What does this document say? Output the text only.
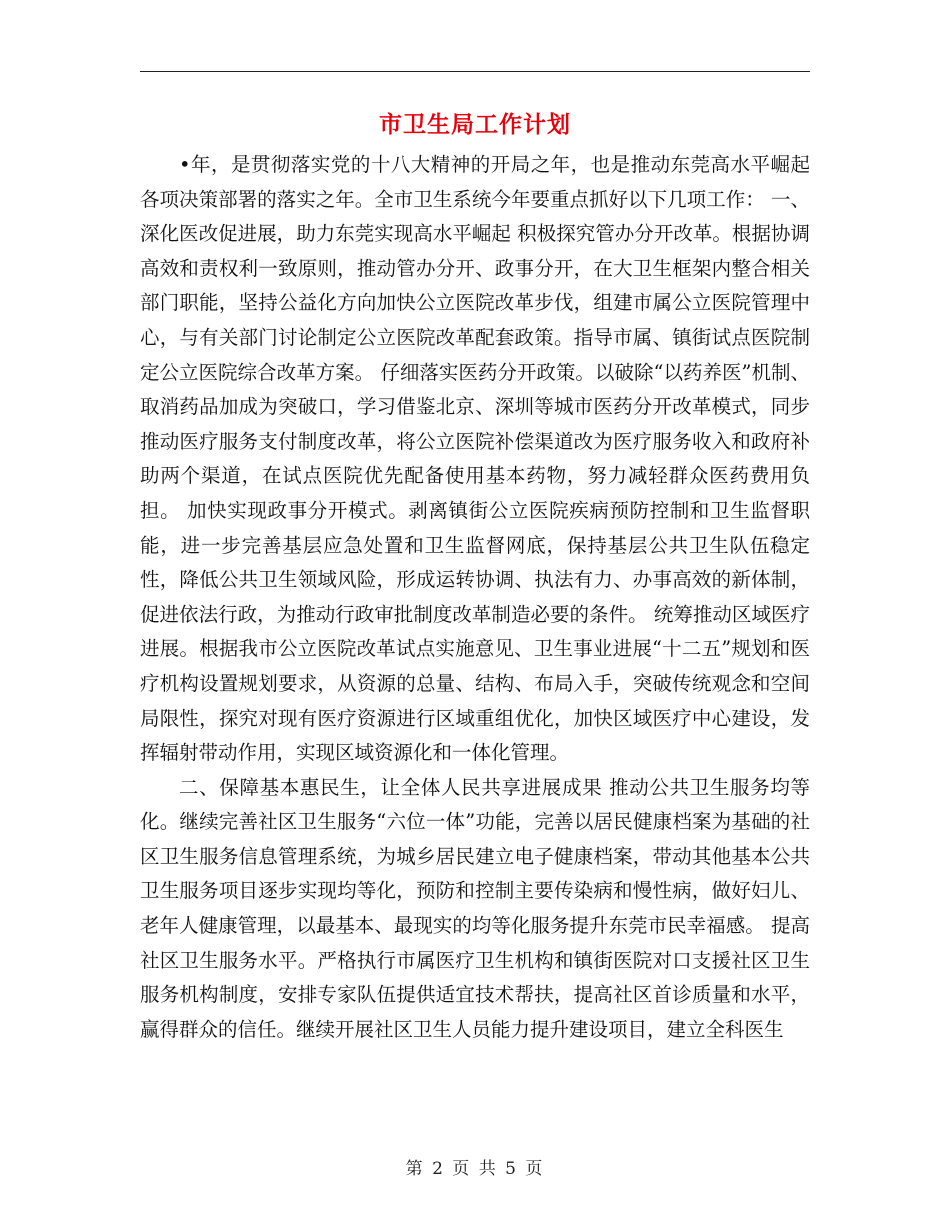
市卫生局工作计划

•年，是贯彻落实党的十八大精神的开局之年，也是推动东莞高水平崛起各项决策部署的落实之年。全市卫生系统今年要重点抓好以下几项工作： 一、深化医改促进展，助力东莞实现高水平崛起 积极探究管办分开改革。根据协调高效和责权利一致原则，推动管办分开、政事分开，在大卫生框架内整合相关部门职能，坚持公益化方向加快公立医院改革步伐，组建市属公立医院管理中心，与有关部门讨论制定公立医院改革配套政策。指导市属、镇街试点医院制定公立医院综合改革方案。 仔细落实医药分开政策。以破除“以药养医”机制、取消药品加成为突破口，学习借鉴北京、深圳等城市医药分开改革模式，同步推动医疗服务支付制度改革，将公立医院补偿渠道改为医疗服务收入和政府补助两个渠道，在试点医院优先配备使用基本药物，努力减轻群众医药费用负担。 加快实现政事分开模式。剥离镇街公立医院疾病预防控制和卫生监督职能，进一步完善基层应急处置和卫生监督网底，保持基层公共卫生队伍稳定性，降低公共卫生领域风险，形成运转协调、执法有力、办事高效的新体制，促进依法行政，为推动行政审批制度改革制造必要的条件。 统筹推动区域医疗进展。根据我市公立医院改革试点实施意见、卫生事业进展“十二五”规划和医疗机构设置规划要求，从资源的总量、结构、布局入手，突破传统观念和空间局限性，探究对现有医疗资源进行区域重组优化，加快区域医疗中心建设，发挥辐射带动作用，实现区域资源化和一体化管理。

二、保障基本惠民生，让全体人民共享进展成果 推动公共卫生服务均等化。继续完善社区卫生服务“六位一体”功能，完善以居民健康档案为基础的社区卫生服务信息管理系统，为城乡居民建立电子健康档案，带动其他基本公共卫生服务项目逐步实现均等化，预防和控制主要传染病和慢性病，做好妇儿、老年人健康管理，以最基本、最现实的均等化服务提升东莞市民幸福感。 提高社区卫生服务水平。严格执行市属医疗卫生机构和镇街医院对口支援社区卫生服务机构制度，安排专家队伍提供适宜技术帮扶，提高社区首诊质量和水平，赢得群众的信任。继续开展社区卫生人员能力提升建设项目，建立全科医生

第 2 页 共 5 页
